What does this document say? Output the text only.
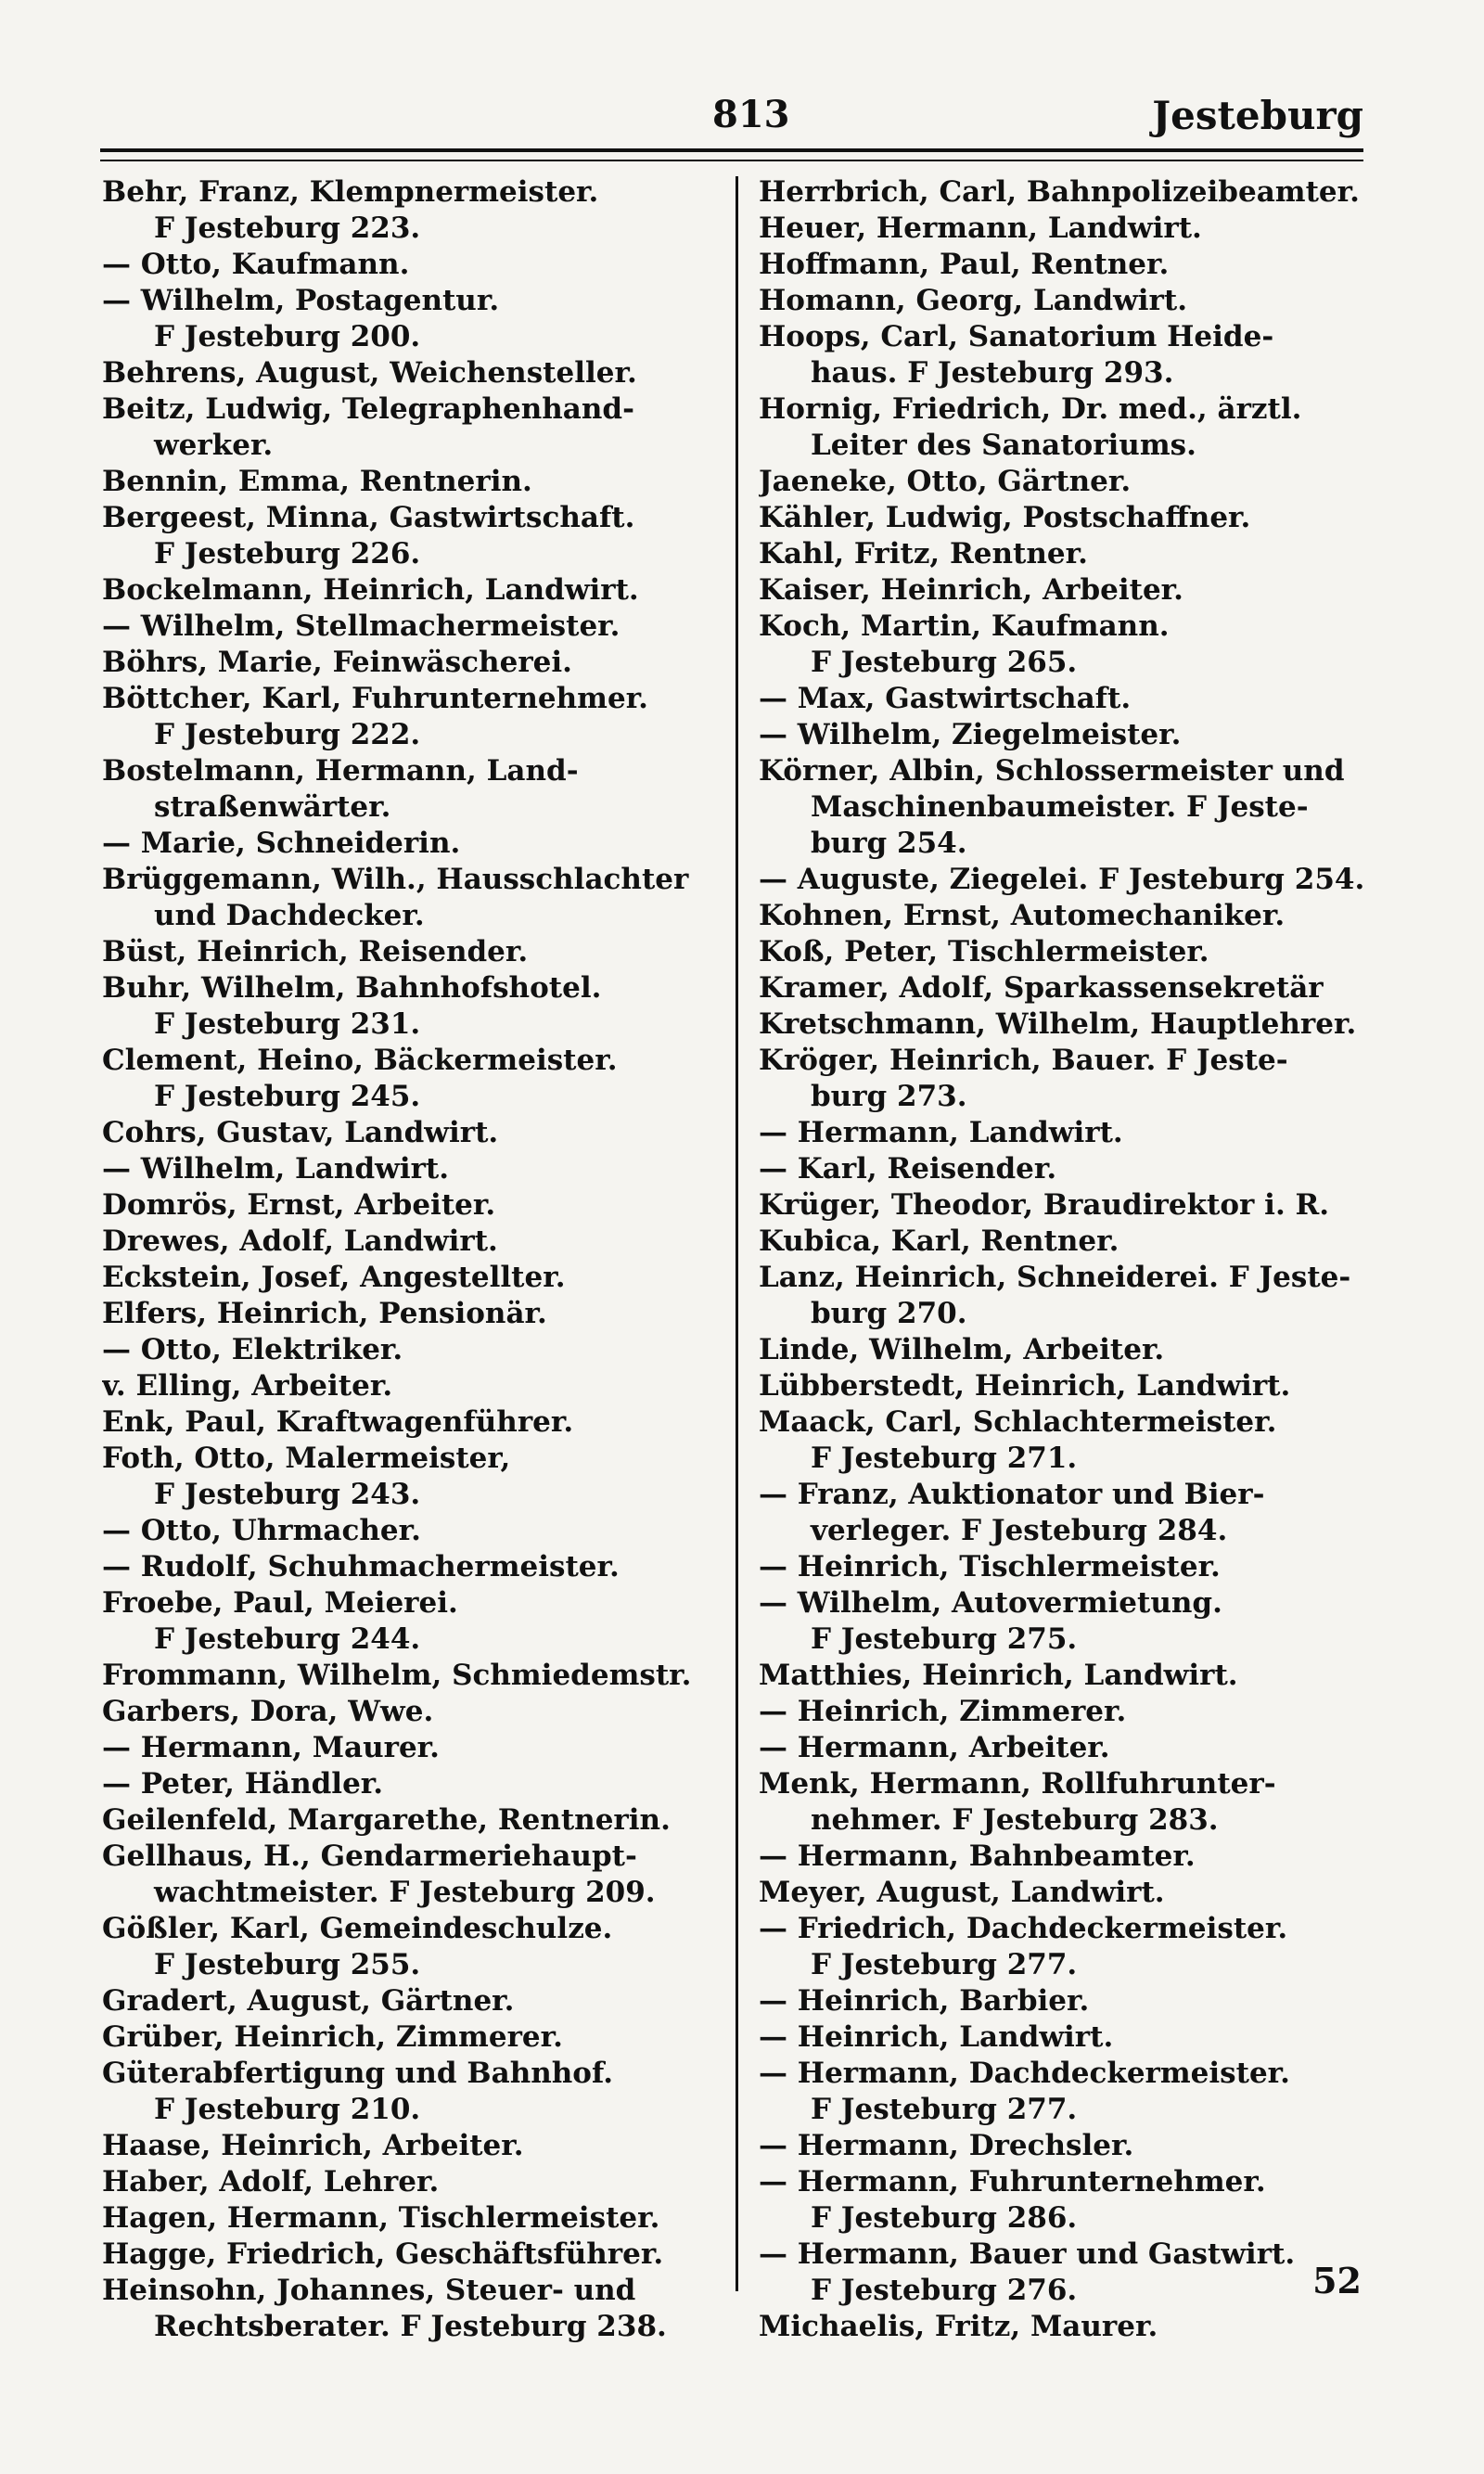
813	Jesteburg
Behr, Franz, Klempnermeister.
F Jesteburg 223.
— Otto, Kaufmann.
— Wilhelm, Postagentur.
F Jesteburg 200.
Behrens, August, Weichensteller.
Beitz, Ludwig, Telegraphenhand-
werker.
Bennin, Emma, Rentnerin.
Bergeest, Minna, Gastwirtschaft.
F Jesteburg 226.
Bockelmann, Heinrich, Landwirt.
— Wilhelm, Stellmachermeister.
Böhrs, Marie, Feinwäscherei.
Böttcher, Karl, Fuhrunternehmer.
F Jesteburg 222.
Bostelmann, Hermann, Land-
straßenwärter.
— Marie, Schneiderin.
Brüggemann, Wilh., Hausschlachter
und Dachdecker.
Büst, Heinrich, Reisender.
Buhr, Wilhelm, Bahnhofshotel.
F Jesteburg 231.
Clement, Heino, Bäckermeister.
F Jesteburg 245.
Cohrs, Gustav, Landwirt.
— Wilhelm, Landwirt.
Domrös, Ernst, Arbeiter.
Drewes, Adolf, Landwirt.
Eckstein, Josef, Angestellter.
Elfers, Heinrich, Pensionär.
— Otto, Elektriker.
v. Elling, Arbeiter.
Enk, Paul, Kraftwagenführer.
Foth, Otto, Malermeister,
F Jesteburg 243.
— Otto, Uhrmacher.
— Rudolf, Schuhmachermeister.
Froebe, Paul, Meierei.
F Jesteburg 244.
Frommann, Wilhelm, Schmiedemstr.
Garbers, Dora, Wwe.
— Hermann, Maurer.
— Peter, Händler.
Geilenfeld, Margarethe, Rentnerin.
Gellhaus, H., Gendarmeriehaupt-
wachtmeister. F Jesteburg 209.
Gößler, Karl, Gemeindeschulze.
F Jesteburg 255.
Gradert, August, Gärtner.
Grüber, Heinrich, Zimmerer.
Güterabfertigung und Bahnhof.
F Jesteburg 210.
Haase, Heinrich, Arbeiter.
Haber, Adolf, Lehrer.
Hagen, Hermann, Tischlermeister.
Hagge, Friedrich, Geschäftsführer.
Heinsohn, Johannes, Steuer- und
Rechtsberater. F Jesteburg 238.
Herrbrich, Carl, Bahnpolizeibeamter.
Heuer, Hermann, Landwirt.
Hoffmann, Paul, Rentner.
Homann, Georg, Landwirt.
Hoops, Carl, Sanatorium Heide-
haus. F Jesteburg 293.
Hornig, Friedrich, Dr. med., ärztl.
Leiter des Sanatoriums.
Jaeneke, Otto, Gärtner.
Kähler, Ludwig, Postschaffner.
Kahl, Fritz, Rentner.
Kaiser, Heinrich, Arbeiter.
Koch, Martin, Kaufmann.
F Jesteburg 265.
— Max, Gastwirtschaft.
— Wilhelm, Ziegelmeister.
Körner, Albin, Schlossermeister und
Maschinenbaumeister. F Jeste-
burg 254.
— Auguste, Ziegelei. F Jesteburg 254.
Kohnen, Ernst, Automechaniker.
Koß, Peter, Tischlermeister.
Kramer, Adolf, Sparkassensekretär
Kretschmann, Wilhelm, Hauptlehrer.
Kröger, Heinrich, Bauer. F Jeste-
burg 273.
— Hermann, Landwirt.
— Karl, Reisender.
Krüger, Theodor, Braudirektor i. R.
Kubica, Karl, Rentner.
Lanz, Heinrich, Schneiderei. F Jeste-
burg 270.
Linde, Wilhelm, Arbeiter.
Lübberstedt, Heinrich, Landwirt.
Maack, Carl, Schlachtermeister.
F Jesteburg 271.
— Franz, Auktionator und Bier-
verleger. F Jesteburg 284.
— Heinrich, Tischlermeister.
— Wilhelm, Autovermietung.
F Jesteburg 275.
Matthies, Heinrich, Landwirt.
— Heinrich, Zimmerer.
— Hermann, Arbeiter.
Menk, Hermann, Rollfuhrunter-
nehmer. F Jesteburg 283.
— Hermann, Bahnbeamter.
Meyer, August, Landwirt.
— Friedrich, Dachdeckermeister.
F Jesteburg 277.
— Heinrich, Barbier.
— Heinrich, Landwirt.
— Hermann, Dachdeckermeister.
F Jesteburg 277.
— Hermann, Drechsler.
— Hermann, Fuhrunternehmer.
F Jesteburg 286.
— Hermann, Bauer und Gastwirt.
F Jesteburg 276.
Michaelis, Fritz, Maurer.
52
